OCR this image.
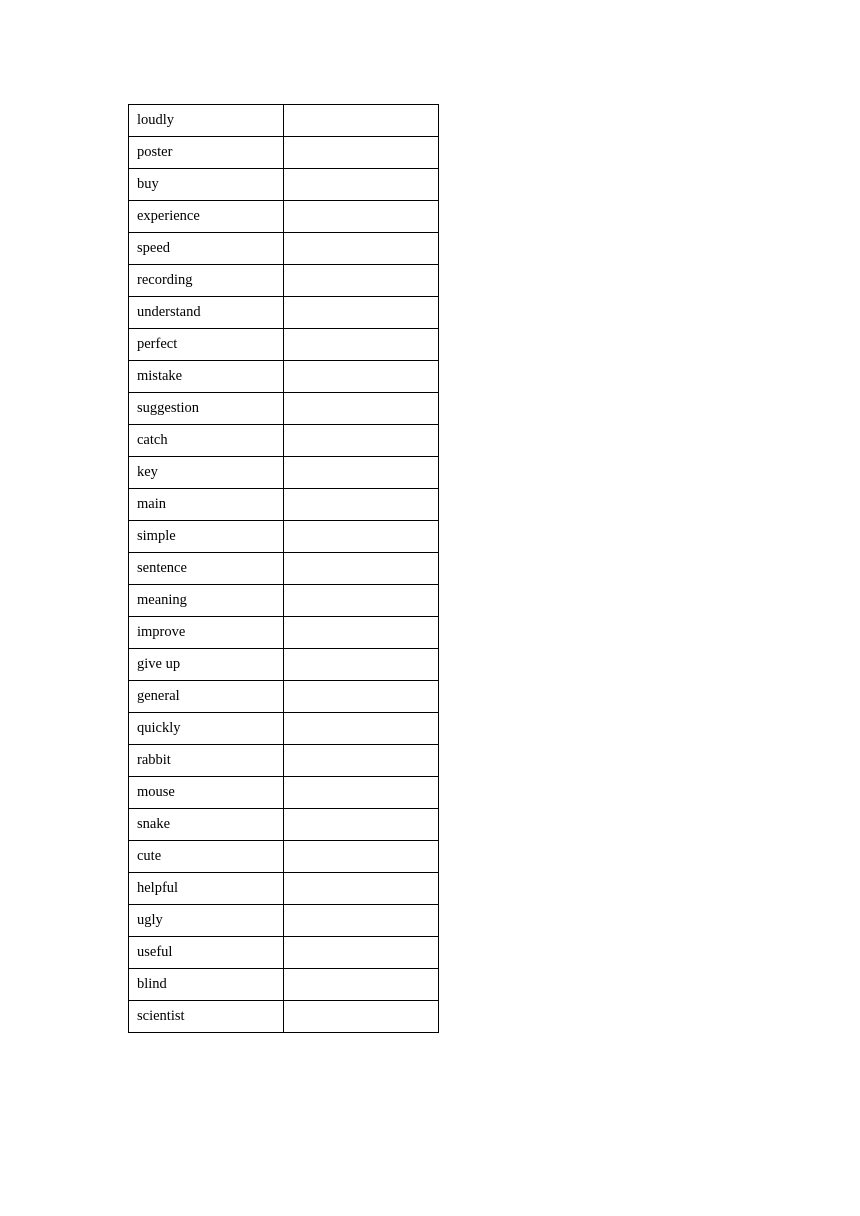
loudly	
poster	
buy	
experience	
speed	
recording	
understand	
perfect	
mistake	
suggestion	
catch	
key	
main	
simple	
sentence	
meaning	
improve	
give up	
general	
quickly	
rabbit	
mouse	
snake	
cute	
helpful	
ugly	
useful	
blind	
scientist	
